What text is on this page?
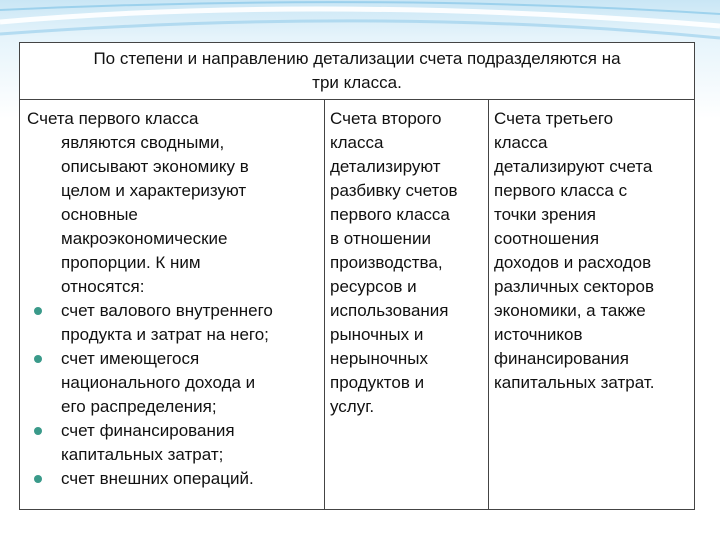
По степени и направлению детализации счета подразделяются на
три класса.
Счета первого класса
являются сводными,
описывают экономику в
целом и характеризуют
основные
макроэкономические
пропорции. К ним
относятся:
счет валового внутреннего
продукта и затрат на него;
счет имеющегося
национального дохода и
его распределения;
счет финансирования
капитальных затрат;
счет внешних операций.
Счета второго
класса
детализируют
разбивку счетов
первого класса
в отношении
производства,
ресурсов и
использования
рыночных и
нерыночных
продуктов и
услуг.
Счета третьего
класса
детализируют счета
первого класса с
точки зрения
соотношения
доходов и расходов
различных секторов
экономики, а также
источников
финансирования
капитальных затрат.
